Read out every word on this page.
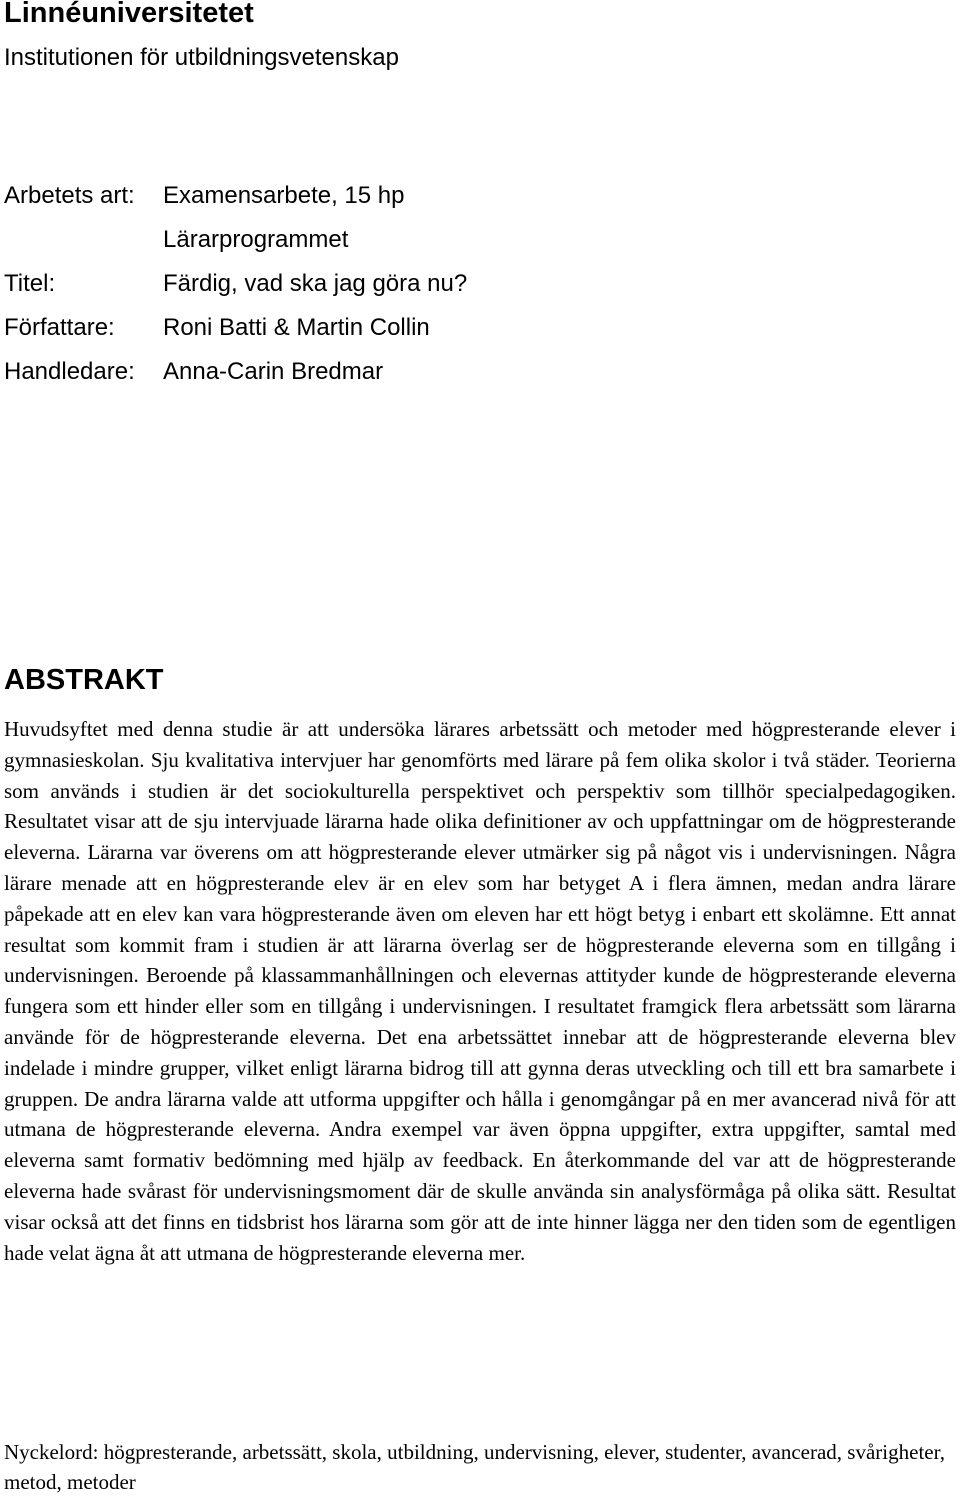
Linnéuniversitetet
Institutionen för utbildningsvetenskap
Arbetets art: Examensarbete, 15 hp
Lärarprogrammet
Titel:	Färdig, vad ska jag göra nu?
Författare: Roni Batti & Martin Collin
Handledare: Anna-Carin Bredmar
ABSTRAKT

Huvudsyftet med denna studie är att undersöka lärares arbetssätt och metoder med högpresterande elever i gymnasieskolan. Sju kvalitativa intervjuer har genomförts med lärare på fem olika skolor i två städer. Teorierna som används i studien är det sociokulturella perspektivet och perspektiv som tillhör specialpedagogiken. Resultatet visar att de sju intervjuade lärarna hade olika definitioner av och uppfattningar om de högpresterande eleverna. Lärarna var överens om att högpresterande elever utmärker sig på något vis i undervisningen. Några lärare menade att en högpresterande elev är en elev som har betyget A i flera ämnen, medan andra lärare påpekade att en elev kan vara högpresterande även om eleven har ett högt betyg i enbart ett skolämne. Ett annat resultat som kommit fram i studien är att lärarna överlag ser de högpresterande eleverna som en tillgång i undervisningen. Beroende på klassammanhållningen och elevernas attityder kunde de högpresterande eleverna fungera som ett hinder eller som en tillgång i undervisningen. I resultatet framgick flera arbetssätt som lärarna använde för de högpresterande eleverna. Det ena arbetssättet innebar att de högpresterande eleverna blev indelade i mindre grupper, vilket enligt lärarna bidrog till att gynna deras utveckling och till ett bra samarbete i gruppen. De andra lärarna valde att utforma uppgifter och hålla i genomgångar på en mer avancerad nivå för att utmana de högpresterande eleverna. Andra exempel var även öppna uppgifter, extra uppgifter, samtal med eleverna samt formativ bedömning med hjälp av feedback. En återkommande del var att de högpresterande eleverna hade svårast för undervisningsmoment där de skulle använda sin analysförmåga på olika sätt. Resultat visar också att det finns en tidsbrist hos lärarna som gör att de inte hinner lägga ner den tiden som de egentligen hade velat ägna åt att utmana de högpresterande eleverna mer.

Nyckelord: högpresterande, arbetssätt, skola, utbildning, undervisning, elever, studenter, avancerad, svårigheter, metod, metoder
